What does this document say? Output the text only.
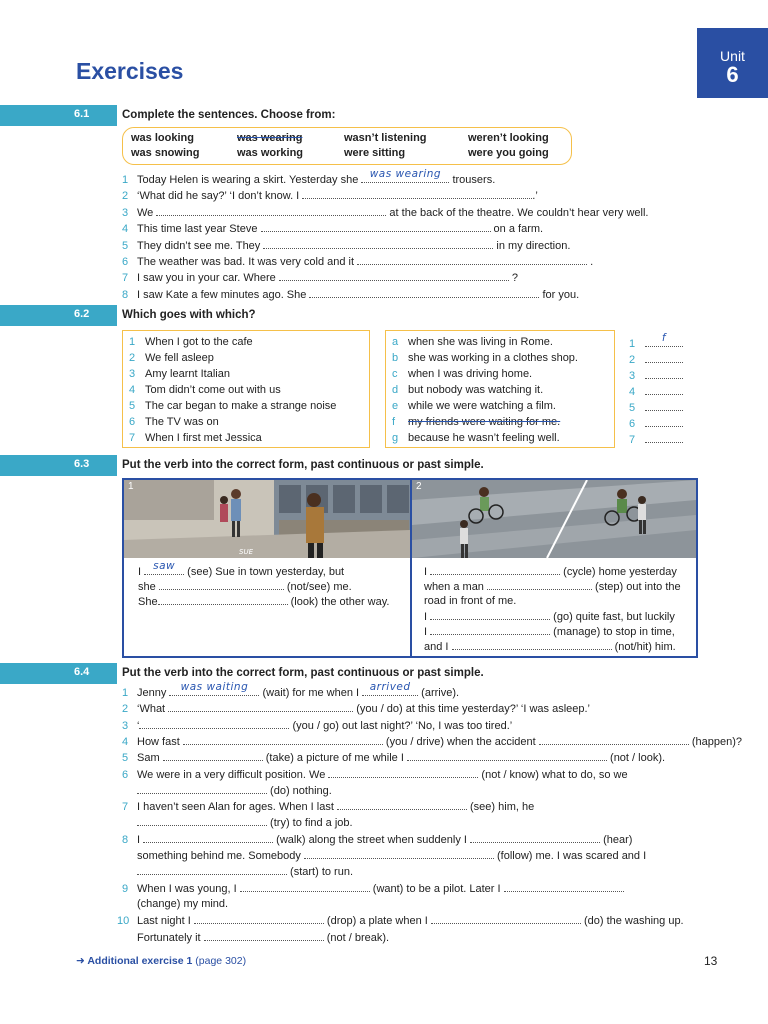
Exercises
Unit
6
6.1	Complete the sentences. Choose from:
was looking	was wearing	wasn’t listening	weren’t looking
was snowing	was working	were sitting	were you going
1 Today Helen is wearing a skirt. Yesterday she was wearing trousers.
2 ‘What did he say?’ ‘I don’t know. I	.’
3 We	at the back of the theatre. We couldn’t hear very well.
4 This time last year Steve	on a farm.
5 They didn’t see me. They	in my direction.
6 The weather was bad. It was very cold and it	.
7 I saw you in your car. Where	?
8 I saw Kate a few minutes ago. She	for you.
6.2	Which goes with which?
1 When I got to the cafe
2 We fell asleep
3 Amy learnt Italian
4 Tom didn’t come out with us
5 The car began to make a strange noise
6 The TV was on
7 When I first met Jessica
a when she was living in Rome.
b she was working in a clothes shop.
c when I was driving home.
d but nobody was watching it.
e while we were watching a film.
f my friends were waiting for me.
g because he wasn’t feeling well.
1	f
2
3
4
5
6
7
6.3	Put the verb into the correct form, past continuous or past simple.
SUE
1	2
I saw (see) Sue in town yesterday, but
she	(not/see) me.
She	(look) the other way.
I	(cycle) home yesterday
when a man	(step) out into the
road in front of me.
I	(go) quite fast, but luckily
I	(manage) to stop in time,
and I	(not/hit) him.
6.4	Put the verb into the correct form, past continuous or past simple.
1 Jenny	was waiting	(wait) for me when I arrived (arrive).
2 ‘What	(you / do) at this time yesterday?’ ‘I was asleep.’
3 ‘	(you / go) out last night?’ ‘No, I was too tired.’
4 How fast	(you / drive) when the accident	(happen)?
5 Sam	(take) a picture of me while I	(not / look).
6 We were in a very difficult position. We	(not / know) what to do, so we
(do) nothing.
7 I haven’t seen Alan for ages. When I last	(see) him, he
(try) to find a job.
8 I	(walk) along the street when suddenly I	(hear)
something behind me. Somebody	(follow) me. I was scared and I
(start) to run.
9 When I was young, I	(want) to be a pilot. Later I
(change) my mind.
10 Last night I	(drop) a plate when I	(do) the washing up.
Fortunately it	(not / break).
➜ Additional exercise 1 (page 302)	13
